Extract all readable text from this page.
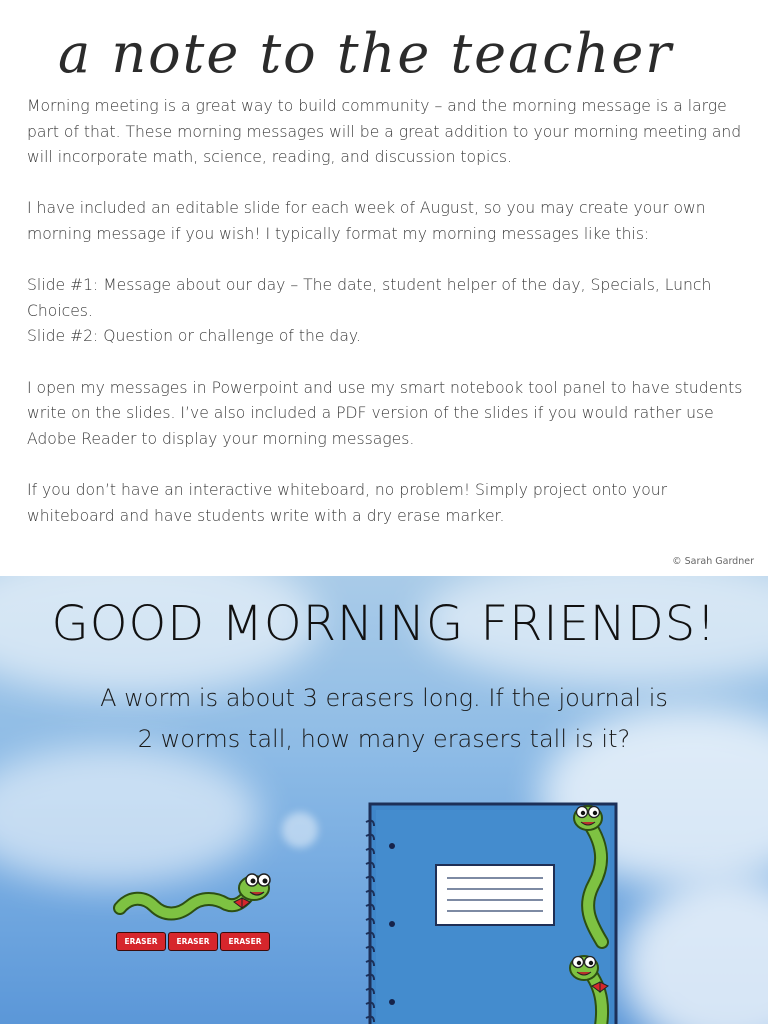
a note to the teacher

Morning meeting is a great way to build community – and the morning message is a large part of that. These morning messages will be a great addition to your morning meeting and will incorporate math, science, reading, and discussion topics.

I have included an editable slide for each week of August, so you may create your own morning message if you wish! I typically format my morning messages like this:

Slide #1: Message about our day – The date, student helper of the day, Specials, Lunch Choices.

Slide #2: Question or challenge of the day.

I open my messages in Powerpoint and use my smart notebook tool panel to have students write on the slides. I’ve also included a PDF version of the slides if you would rather use Adobe Reader to display your morning messages.

If you don’t have an interactive whiteboard, no problem! Simply project onto your whiteboard and have students write with a dry erase marker.

© Sarah Gardner
GOOD MORNING FRIENDS!
A worm is about 3 erasers long. If the journal is
2 worms tall, how many erasers tall is it?
ERASER	ERASER	ERASER
